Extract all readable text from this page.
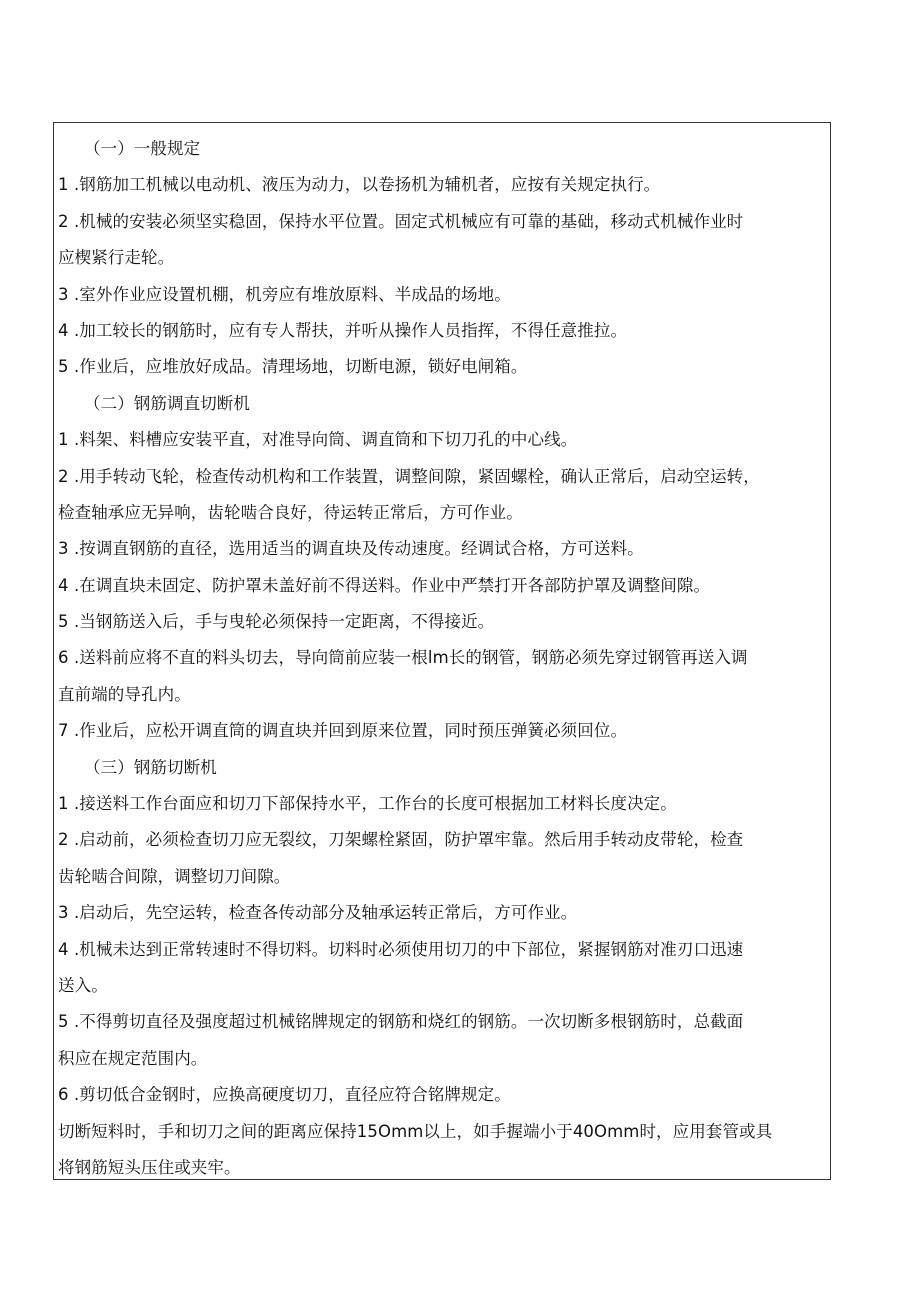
（一）一般规定
1 .钢筋加工机械以电动机、液压为动力，以卷扬机为辅机者，应按有关规定执行。
2 .机械的安装必须坚实稳固，保持水平位置。固定式机械应有可靠的基础，移动式机械作业时
应楔紧行走轮。
3 .室外作业应设置机棚，机旁应有堆放原料、半成品的场地。
4 .加工较长的钢筋时，应有专人帮扶，并听从操作人员指挥，不得任意推拉。
5 .作业后，应堆放好成品。清理场地，切断电源，锁好电闸箱。
（二）钢筋调直切断机
1 .料架、料槽应安装平直，对准导向筒、调直筒和下切刀孔的中心线。
2 .用手转动飞轮，检查传动机构和工作装置，调整间隙，紧固螺栓，确认正常后，启动空运转，
检查轴承应无异响，齿轮啮合良好，待运转正常后，方可作业。
3 .按调直钢筋的直径，选用适当的调直块及传动速度。经调试合格，方可送料。
4 .在调直块未固定、防护罩未盖好前不得送料。作业中严禁打开各部防护罩及调整间隙。
5 .当钢筋送入后，手与曳轮必须保持一定距离，不得接近。
6 .送料前应将不直的料头切去，导向筒前应装一根lm长的钢管，钢筋必须先穿过钢管再送入调
直前端的导孔内。
7 .作业后，应松开调直筒的调直块并回到原来位置，同时预压弹簧必须回位。
（三）钢筋切断机
1 .接送料工作台面应和切刀下部保持水平，工作台的长度可根据加工材料长度决定。
2 .启动前，必须检查切刀应无裂纹，刀架螺栓紧固，防护罩牢靠。然后用手转动皮带轮，检查
齿轮啮合间隙，调整切刀间隙。
3 .启动后，先空运转，检查各传动部分及轴承运转正常后，方可作业。
4 .机械未达到正常转速时不得切料。切料时必须使用切刀的中下部位，紧握钢筋对准刃口迅速
送入。
5 .不得剪切直径及强度超过机械铭牌规定的钢筋和烧红的钢筋。一次切断多根钢筋时，总截面
积应在规定范围内。
6 .剪切低合金钢时，应换高硬度切刀，直径应符合铭牌规定。
切断短料时，手和切刀之间的距离应保持15Omm以上，如手握端小于40Omm时，应用套管或具
将钢筋短头压住或夹牢。
